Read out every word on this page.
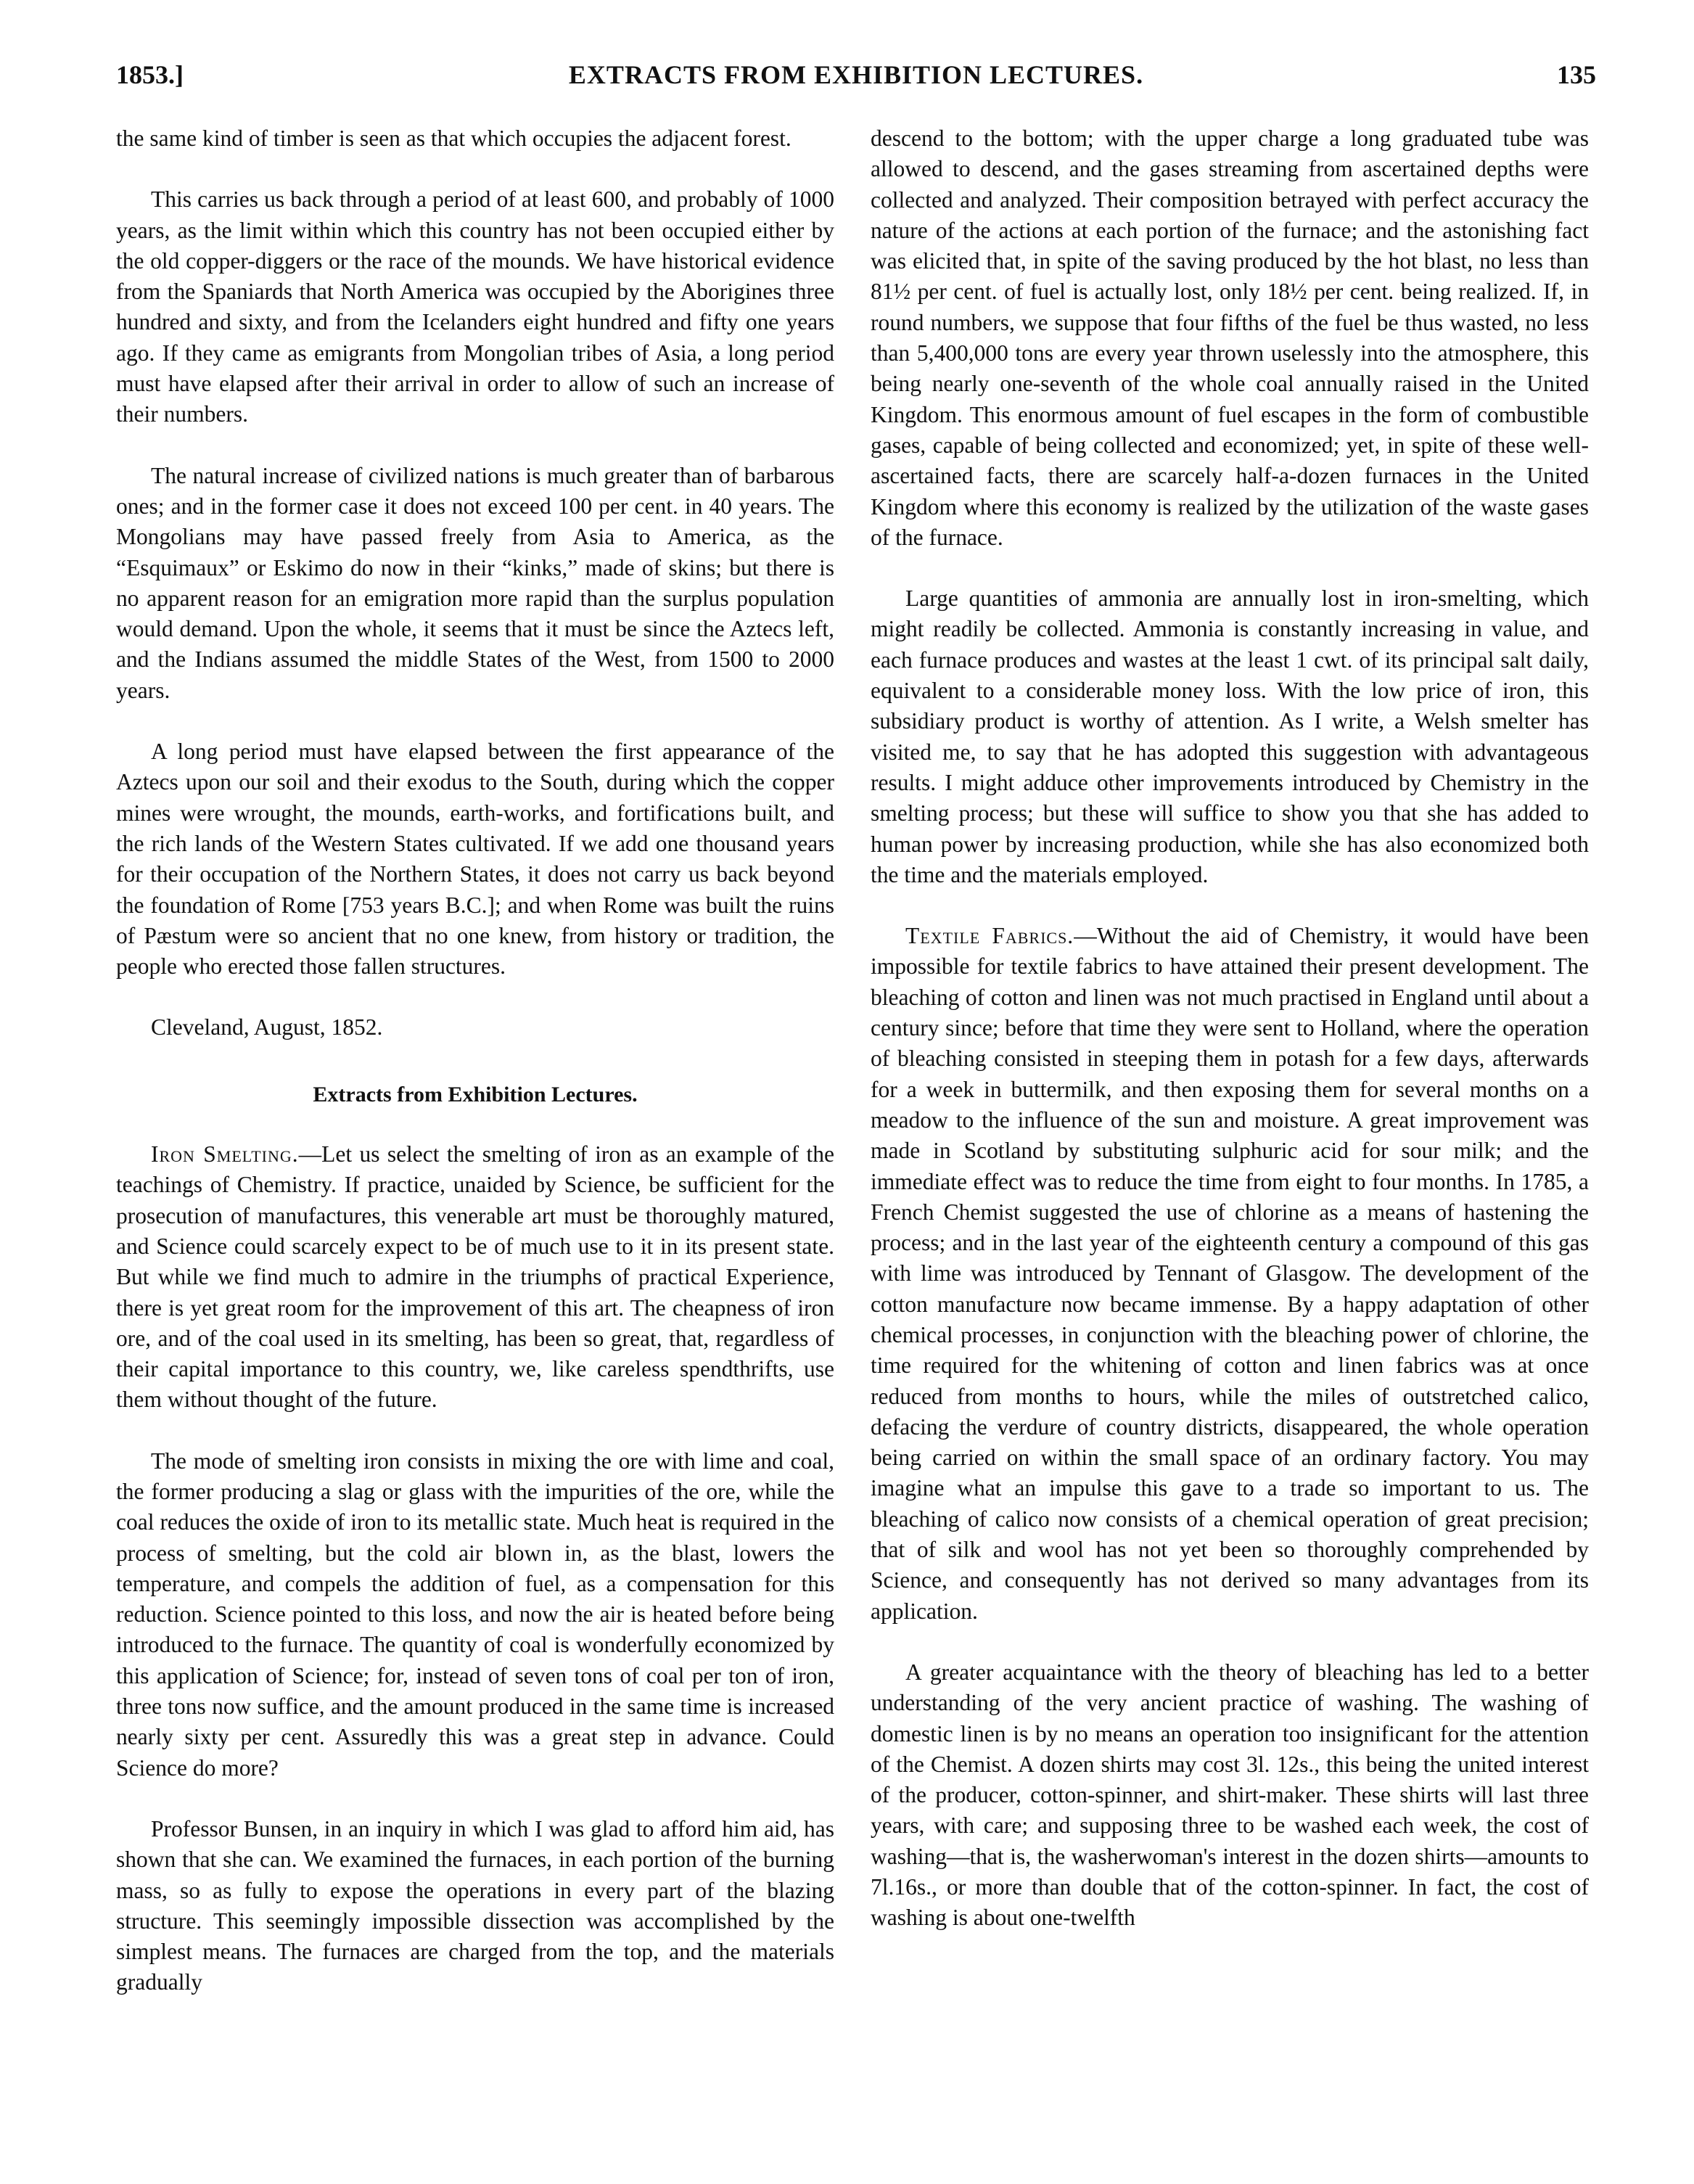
1853.]	EXTRACTS FROM EXHIBITION LECTURES.	135

the same kind of timber is seen as that which occupies the adjacent forest.

This carries us back through a period of at least 600, and probably of 1000 years, as the limit within which this country has not been occupied either by the old copper-diggers or the race of the mounds. We have historical evidence from the Spaniards that North America was occupied by the Aborigines three hundred and sixty, and from the Icelanders eight hundred and fifty one years ago. If they came as emigrants from Mongolian tribes of Asia, a long period must have elapsed after their arrival in order to allow of such an increase of their numbers.

The natural increase of civilized nations is much greater than of barbarous ones; and in the former case it does not exceed 100 per cent. in 40 years. The Mongolians may have passed freely from Asia to America, as the “Esquimaux” or Eskimo do now in their “kinks,” made of skins; but there is no apparent reason for an emigration more rapid than the surplus population would demand. Upon the whole, it seems that it must be since the Aztecs left, and the Indians assumed the middle States of the West, from 1500 to 2000 years.

A long period must have elapsed between the first appearance of the Aztecs upon our soil and their exodus to the South, during which the copper mines were wrought, the mounds, earth-works, and fortifications built, and the rich lands of the Western States cultivated. If we add one thousand years for their occupation of the Northern States, it does not carry us back beyond the foundation of Rome [753 years B.C.]; and when Rome was built the ruins of Pæstum were so ancient that no one knew, from history or tradition, the people who erected those fallen structures.

Cleveland, August, 1852.

Extracts from Exhibition Lectures.

Iron Smelting.—Let us select the smelting of iron as an example of the teachings of Chemistry. If practice, unaided by Science, be sufficient for the prosecution of manufactures, this venerable art must be thoroughly matured, and Science could scarcely expect to be of much use to it in its present state. But while we find much to admire in the triumphs of practical Experience, there is yet great room for the improvement of this art. The cheapness of iron ore, and of the coal used in its smelting, has been so great, that, regardless of their capital importance to this country, we, like careless spendthrifts, use them without thought of the future.

The mode of smelting iron consists in mixing the ore with lime and coal, the former producing a slag or glass with the impurities of the ore, while the coal reduces the oxide of iron to its metallic state. Much heat is required in the process of smelting, but the cold air blown in, as the blast, lowers the temperature, and compels the addition of fuel, as a compensation for this reduction. Science pointed to this loss, and now the air is heated before being introduced to the furnace. The quantity of coal is wonderfully economized by this application of Science; for, instead of seven tons of coal per ton of iron, three tons now suffice, and the amount produced in the same time is increased nearly sixty per cent. Assuredly this was a great step in advance. Could Science do more?

Professor Bunsen, in an inquiry in which I was glad to afford him aid, has shown that she can. We examined the furnaces, in each portion of the burning mass, so as fully to expose the operations in every part of the blazing structure. This seemingly impossible dissection was accomplished by the simplest means. The furnaces are charged from the top, and the materials gradually

descend to the bottom; with the upper charge a long graduated tube was allowed to descend, and the gases streaming from ascertained depths were collected and analyzed. Their composition betrayed with perfect accuracy the nature of the actions at each portion of the furnace; and the astonishing fact was elicited that, in spite of the saving produced by the hot blast, no less than 81½ per cent. of fuel is actually lost, only 18½ per cent. being realized. If, in round numbers, we suppose that four fifths of the fuel be thus wasted, no less than 5,400,000 tons are every year thrown uselessly into the atmosphere, this being nearly one-seventh of the whole coal annually raised in the United Kingdom. This enormous amount of fuel escapes in the form of combustible gases, capable of being collected and economized; yet, in spite of these well-ascertained facts, there are scarcely half-a-dozen furnaces in the United Kingdom where this economy is realized by the utilization of the waste gases of the furnace.

Large quantities of ammonia are annually lost in iron-smelting, which might readily be collected. Ammonia is constantly increasing in value, and each furnace produces and wastes at the least 1 cwt. of its principal salt daily, equivalent to a considerable money loss. With the low price of iron, this subsidiary product is worthy of attention. As I write, a Welsh smelter has visited me, to say that he has adopted this suggestion with advantageous results. I might adduce other improvements introduced by Chemistry in the smelting process; but these will suffice to show you that she has added to human power by increasing production, while she has also economized both the time and the materials employed.

Textile Fabrics.—Without the aid of Chemistry, it would have been impossible for textile fabrics to have attained their present development. The bleaching of cotton and linen was not much practised in England until about a century since; before that time they were sent to Holland, where the operation of bleaching consisted in steeping them in potash for a few days, afterwards for a week in buttermilk, and then exposing them for several months on a meadow to the influence of the sun and moisture. A great improvement was made in Scotland by substituting sulphuric acid for sour milk; and the immediate effect was to reduce the time from eight to four months. In 1785, a French Chemist suggested the use of chlorine as a means of hastening the process; and in the last year of the eighteenth century a compound of this gas with lime was introduced by Tennant of Glasgow. The development of the cotton manufacture now became immense. By a happy adaptation of other chemical processes, in conjunction with the bleaching power of chlorine, the time required for the whitening of cotton and linen fabrics was at once reduced from months to hours, while the miles of outstretched calico, defacing the verdure of country districts, disappeared, the whole operation being carried on within the small space of an ordinary factory. You may imagine what an impulse this gave to a trade so important to us. The bleaching of calico now consists of a chemical operation of great precision; that of silk and wool has not yet been so thoroughly comprehended by Science, and consequently has not derived so many advantages from its application.

A greater acquaintance with the theory of bleaching has led to a better understanding of the very ancient practice of washing. The washing of domestic linen is by no means an operation too insignificant for the attention of the Chemist. A dozen shirts may cost 3l. 12s., this being the united interest of the producer, cotton-spinner, and shirt-maker. These shirts will last three years, with care; and supposing three to be washed each week, the cost of washing—that is, the washerwoman's interest in the dozen shirts—amounts to 7l.16s., or more than double that of the cotton-spinner. In fact, the cost of washing is about one-twelfth
